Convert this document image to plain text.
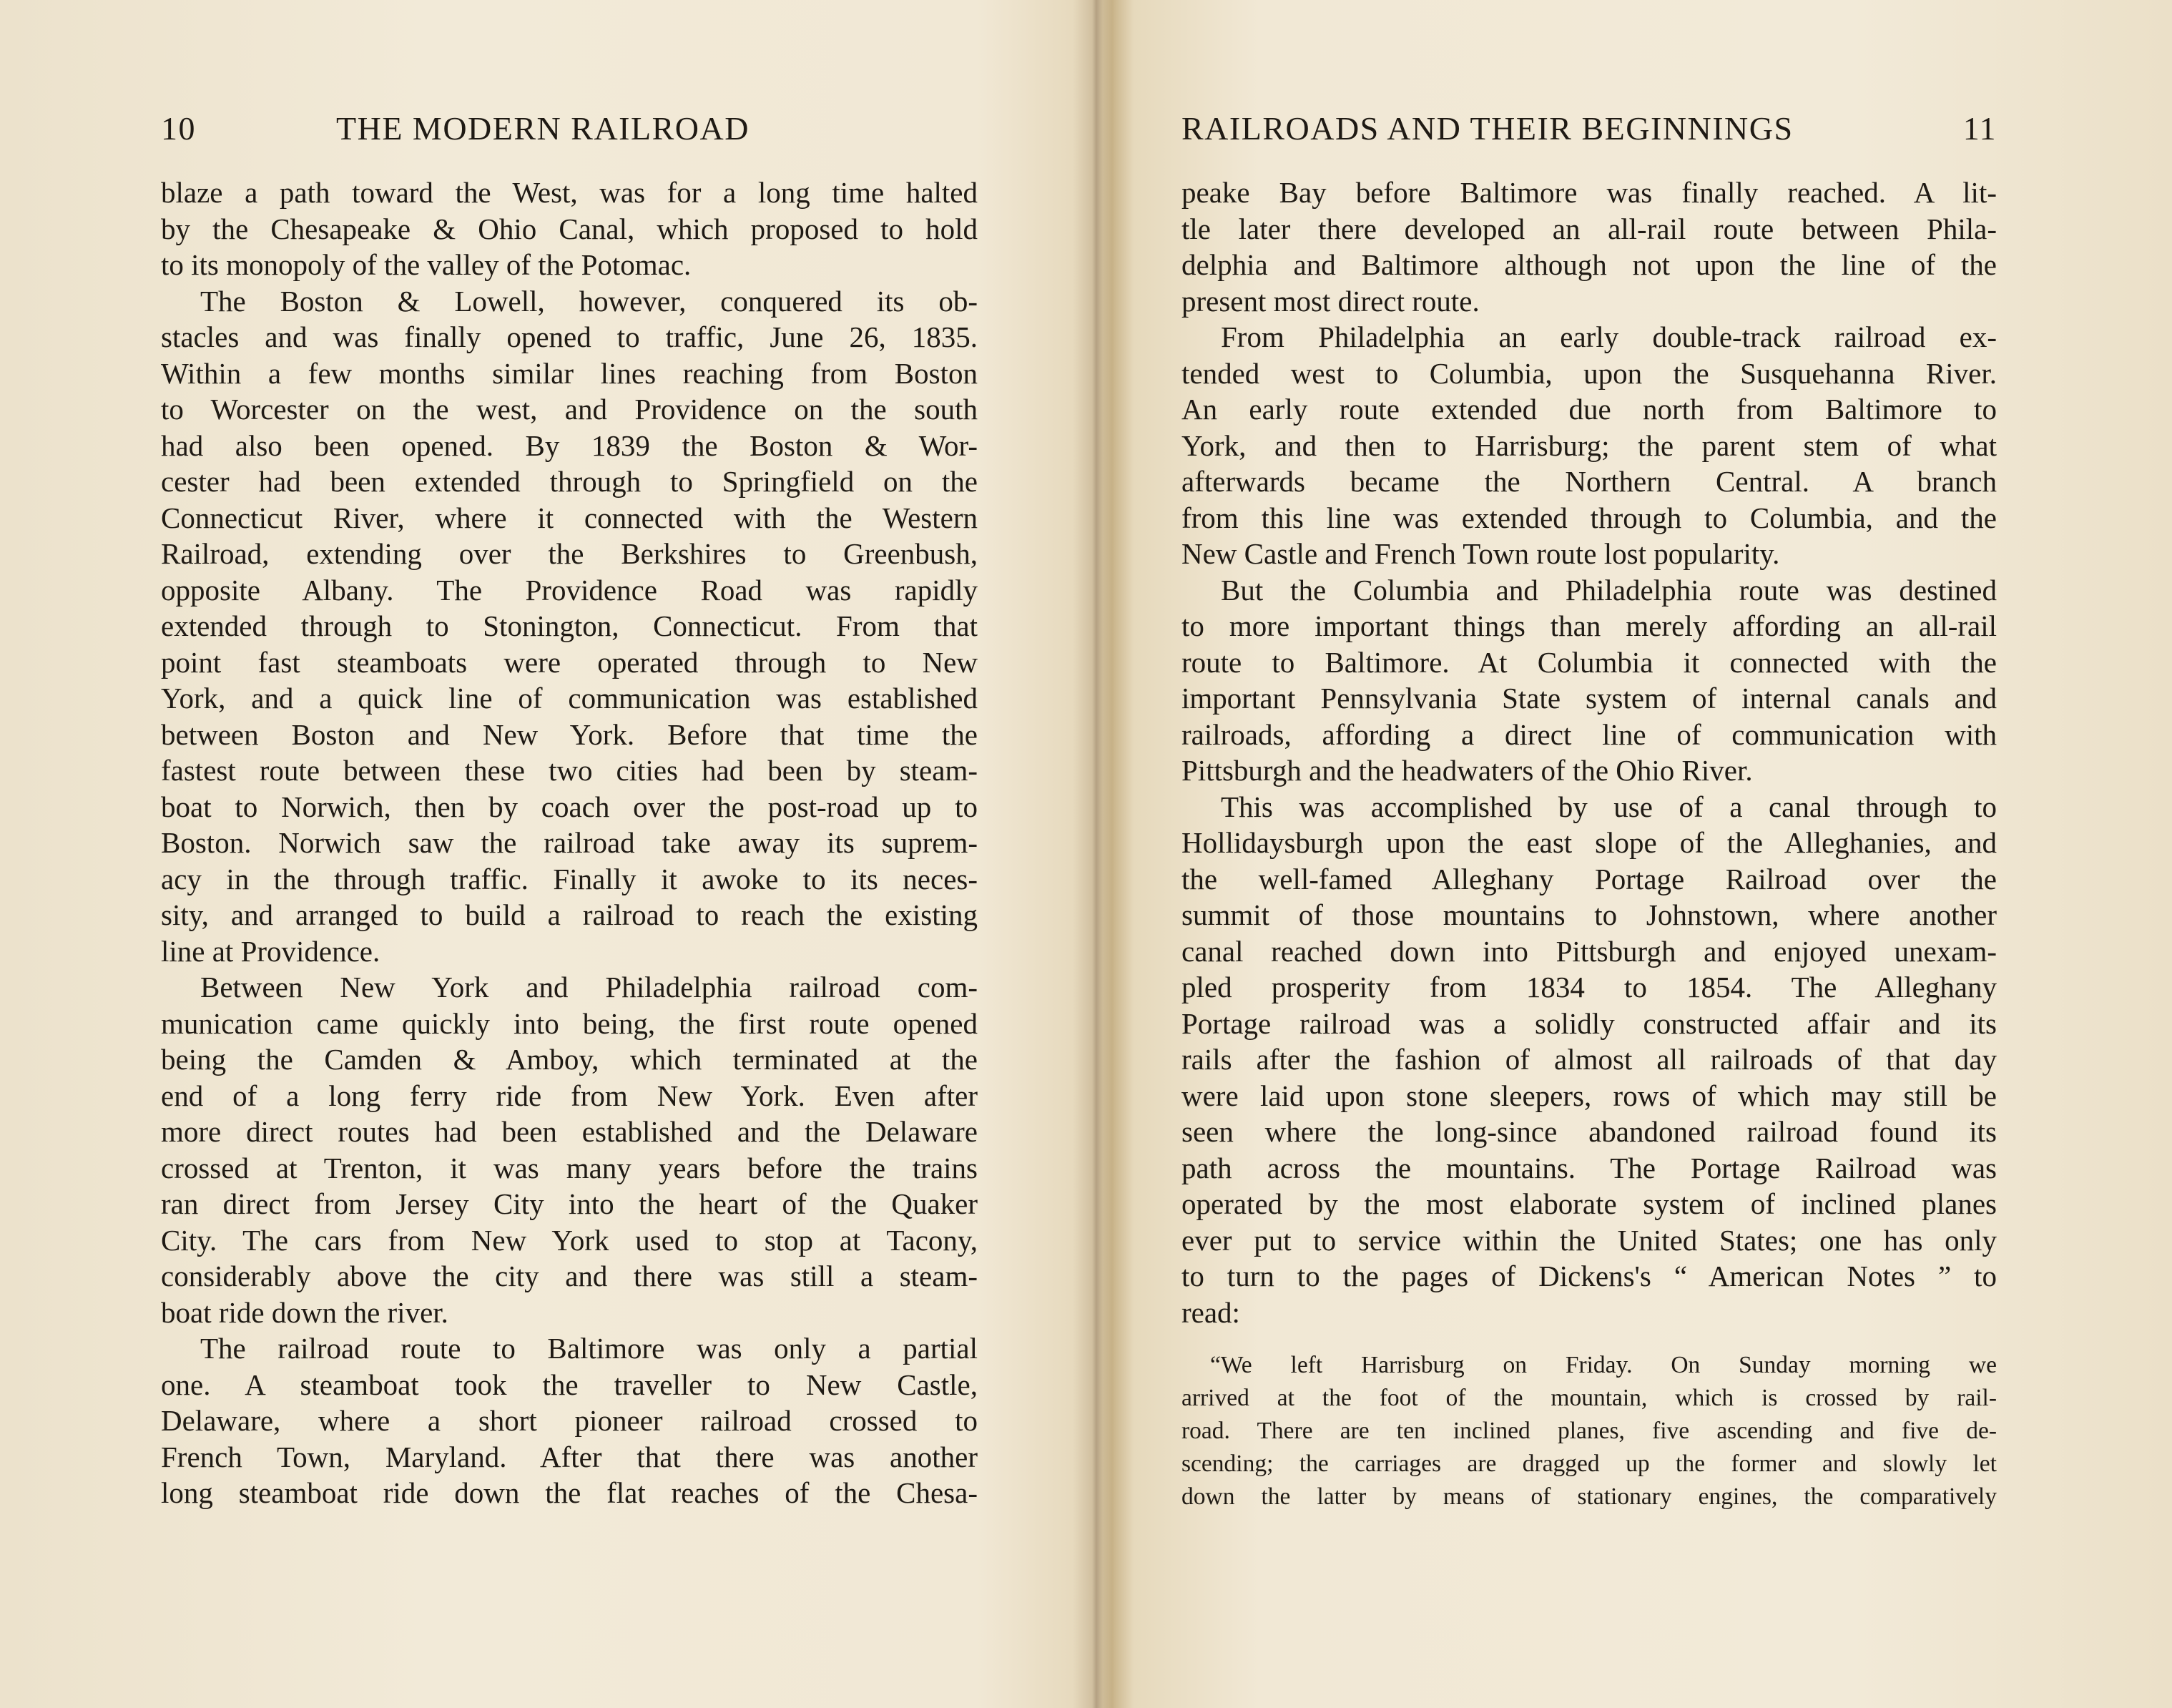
10	THE MODERN RAILROAD
blaze a path toward the West, was for a long time halted
by the Chesapeake & Ohio Canal, which proposed to hold
to its monopoly of the valley of the Potomac.
The Boston & Lowell, however, conquered its ob-
stacles and was finally opened to traffic, June 26, 1835.
Within a few months similar lines reaching from Boston
to Worcester on the west, and Providence on the south
had also been opened. By 1839 the Boston & Wor-
cester had been extended through to Springfield on the
Connecticut River, where it connected with the Western
Railroad, extending over the Berkshires to Greenbush,
opposite Albany. The Providence Road was rapidly
extended through to Stonington, Connecticut. From that
point fast steamboats were operated through to New
York, and a quick line of communication was established
between Boston and New York. Before that time the
fastest route between these two cities had been by steam-
boat to Norwich, then by coach over the post-road up to
Boston. Norwich saw the railroad take away its suprem-
acy in the through traffic. Finally it awoke to its neces-
sity, and arranged to build a railroad to reach the existing
line at Providence.
Between New York and Philadelphia railroad com-
munication came quickly into being, the first route opened
being the Camden & Amboy, which terminated at the
end of a long ferry ride from New York. Even after
more direct routes had been established and the Delaware
crossed at Trenton, it was many years before the trains
ran direct from Jersey City into the heart of the Quaker
City. The cars from New York used to stop at Tacony,
considerably above the city and there was still a steam-
boat ride down the river.
The railroad route to Baltimore was only a partial
one. A steamboat took the traveller to New Castle,
Delaware, where a short pioneer railroad crossed to
French Town, Maryland. After that there was another
long steamboat ride down the flat reaches of the Chesa-
RAILROADS AND THEIR BEGINNINGS	11
peake Bay before Baltimore was finally reached. A lit-
tle later there developed an all-rail route between Phila-
delphia and Baltimore although not upon the line of the
present most direct route.
From Philadelphia an early double-track railroad ex-
tended west to Columbia, upon the Susquehanna River.
An early route extended due north from Baltimore to
York, and then to Harrisburg; the parent stem of what
afterwards became the Northern Central. A branch
from this line was extended through to Columbia, and the
New Castle and French Town route lost popularity.
But the Columbia and Philadelphia route was destined
to more important things than merely affording an all-rail
route to Baltimore. At Columbia it connected with the
important Pennsylvania State system of internal canals and
railroads, affording a direct line of communication with
Pittsburgh and the headwaters of the Ohio River.
This was accomplished by use of a canal through to
Hollidaysburgh upon the east slope of the Alleghanies, and
the well-famed Alleghany Portage Railroad over the
summit of those mountains to Johnstown, where another
canal reached down into Pittsburgh and enjoyed unexam-
pled prosperity from 1834 to 1854. The Alleghany
Portage railroad was a solidly constructed affair and its
rails after the fashion of almost all railroads of that day
were laid upon stone sleepers, rows of which may still be
seen where the long-since abandoned railroad found its
path across the mountains. The Portage Railroad was
operated by the most elaborate system of inclined planes
ever put to service within the United States; one has only
to turn to the pages of Dickens's “ American Notes ” to
read:
“We left Harrisburg on Friday. On Sunday morning we
arrived at the foot of the mountain, which is crossed by rail-
road. There are ten inclined planes, five ascending and five de-
scending; the carriages are dragged up the former and slowly let
down the latter by means of stationary engines, the comparatively
